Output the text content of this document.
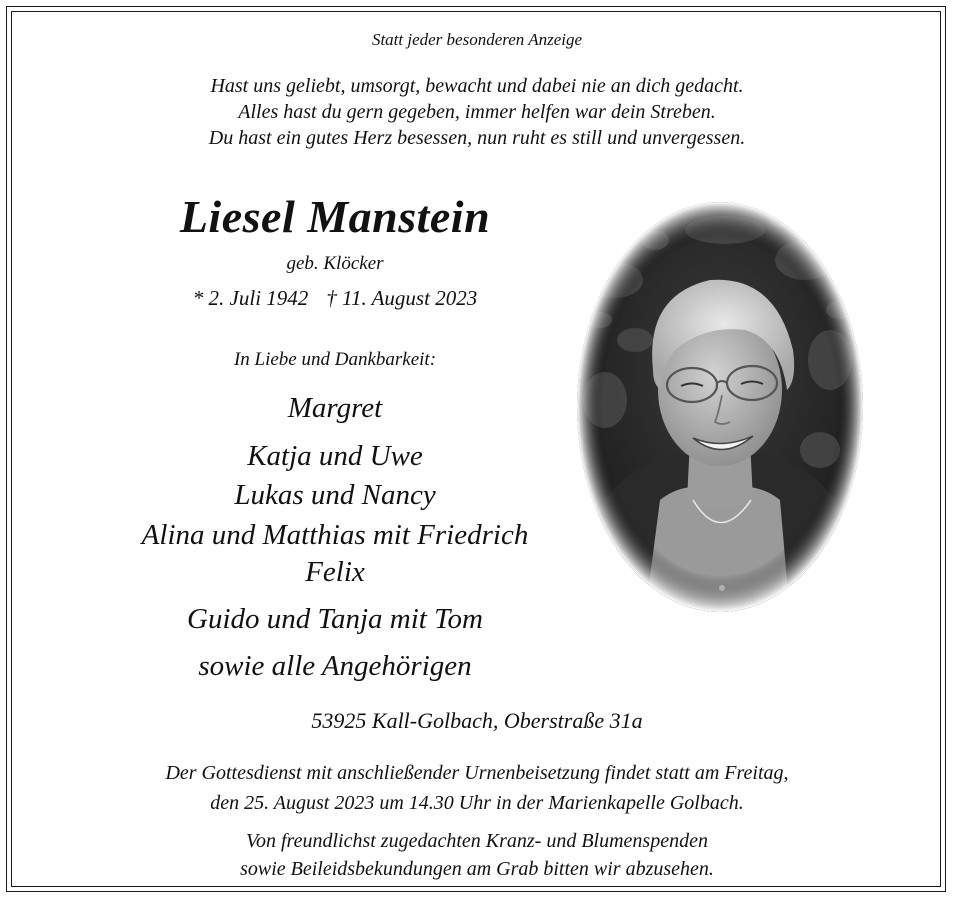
Statt jeder besonderen Anzeige
Hast uns geliebt, umsorgt, bewacht und dabei nie an dich gedacht.
Alles hast du gern gegeben, immer helfen war dein Streben.
Du hast ein gutes Herz besessen, nun ruht es still und unvergessen.
Liesel Manstein
geb. Klöcker
* 2. Juli 1942 † 11. August 2023
In Liebe und Dankbarkeit:
Margret
Katja und Uwe
Lukas und Nancy
Alina und Matthias mit Friedrich
Felix
Guido und Tanja mit Tom
sowie alle Angehörigen
53925 Kall-Golbach, Oberstraße 31a
Der Gottesdienst mit anschließender Urnenbeisetzung findet statt am Freitag,
den 25. August 2023 um 14.30 Uhr in der Marienkapelle Golbach.
Von freundlichst zugedachten Kranz- und Blumenspenden
sowie Beileidsbekundungen am Grab bitten wir abzusehen.
